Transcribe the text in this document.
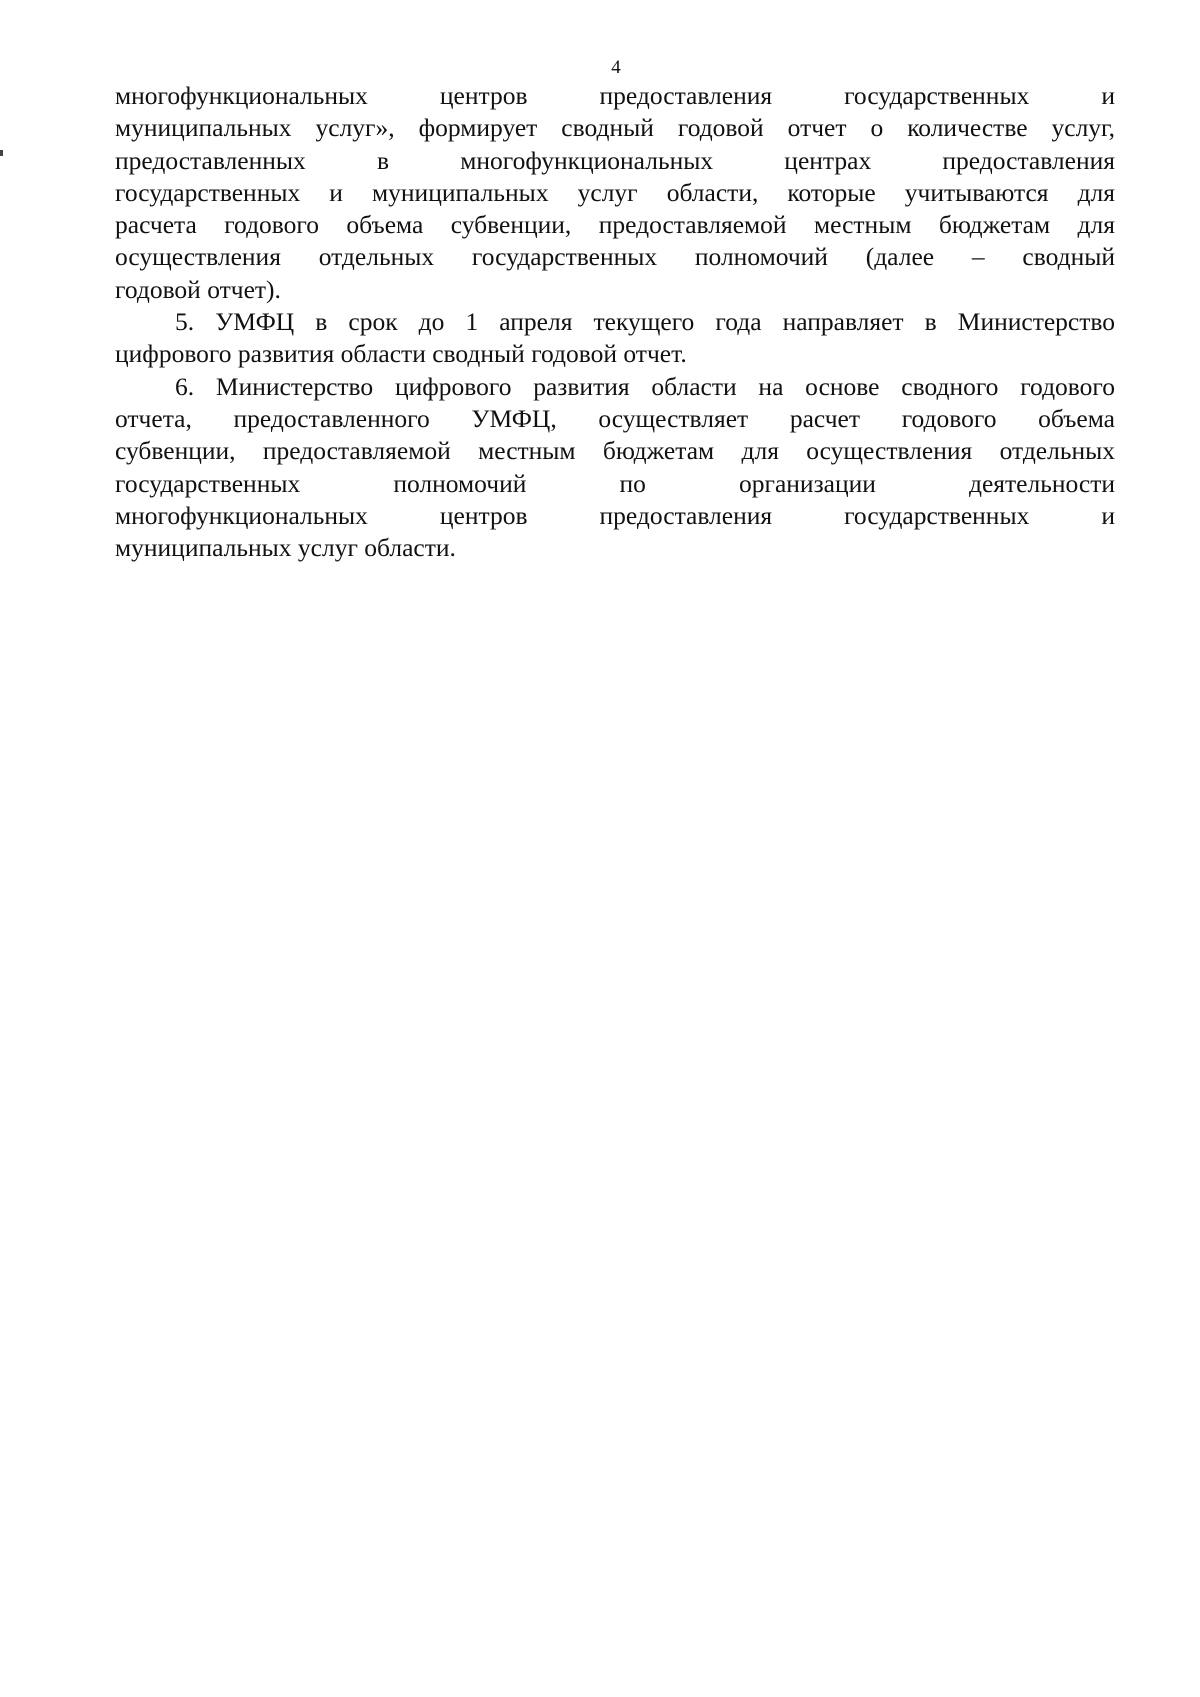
4

многофункциональных центров предоставления государственных и
муниципальных услуг», формирует сводный годовой отчет о количестве услуг,
предоставленных в многофункциональных центрах предоставления
государственных и муниципальных услуг области, которые учитываются для
расчета годового объема субвенции, предоставляемой местным бюджетам для
осуществления отдельных государственных полномочий (далее – сводный
годовой отчет).

5. УМФЦ в срок до 1 апреля текущего года направляет в Министерство
цифрового развития области сводный годовой отчет.

6. Министерство цифрового развития области на основе сводного годового
отчета, предоставленного УМФЦ, осуществляет расчет годового объема
субвенции, предоставляемой местным бюджетам для осуществления отдельных
государственных полномочий по организации деятельности
многофункциональных центров предоставления государственных и
муниципальных услуг области.
